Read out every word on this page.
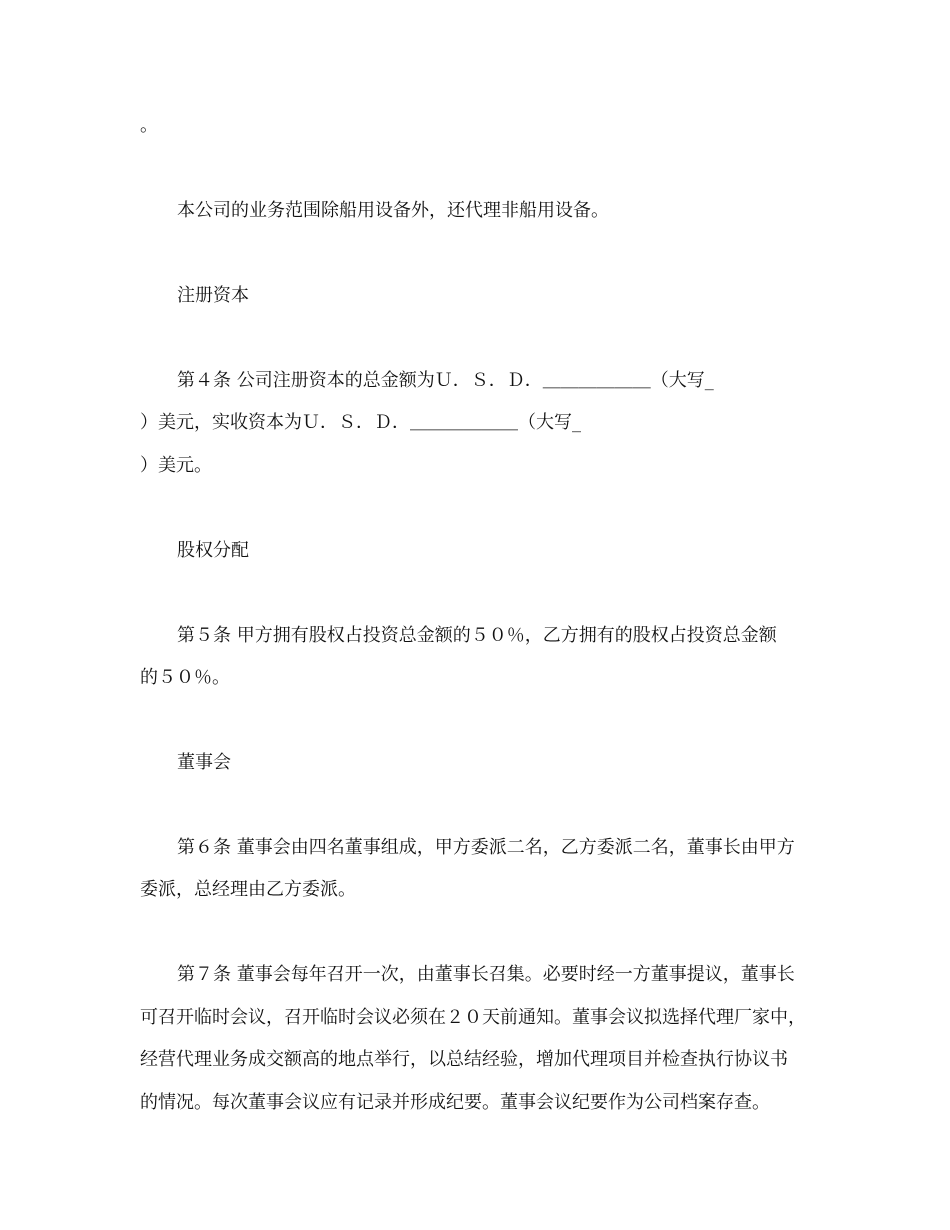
。
本公司的业务范围除船用设备外，还代理非船用设备。
注册资本
第４条 公司注册资本的总金额为Ｕ．Ｓ．Ｄ．＿＿＿＿＿＿（大写_
）美元，实收资本为Ｕ．Ｓ．Ｄ．＿＿＿＿＿＿（大写_
）美元。
股权分配
第５条 甲方拥有股权占投资总金额的５０％，乙方拥有的股权占投资总金额
的５０％。
董事会
第６条 董事会由四名董事组成，甲方委派二名，乙方委派二名，董事长由甲方
委派，总经理由乙方委派。
第７条 董事会每年召开一次，由董事长召集。必要时经一方董事提议，董事长
可召开临时会议，召开临时会议必须在２０天前通知。董事会议拟选择代理厂家中，
经营代理业务成交额高的地点举行，以总结经验，增加代理项目并检查执行协议书
的情况。每次董事会议应有记录并形成纪要。董事会议纪要作为公司档案存查。
